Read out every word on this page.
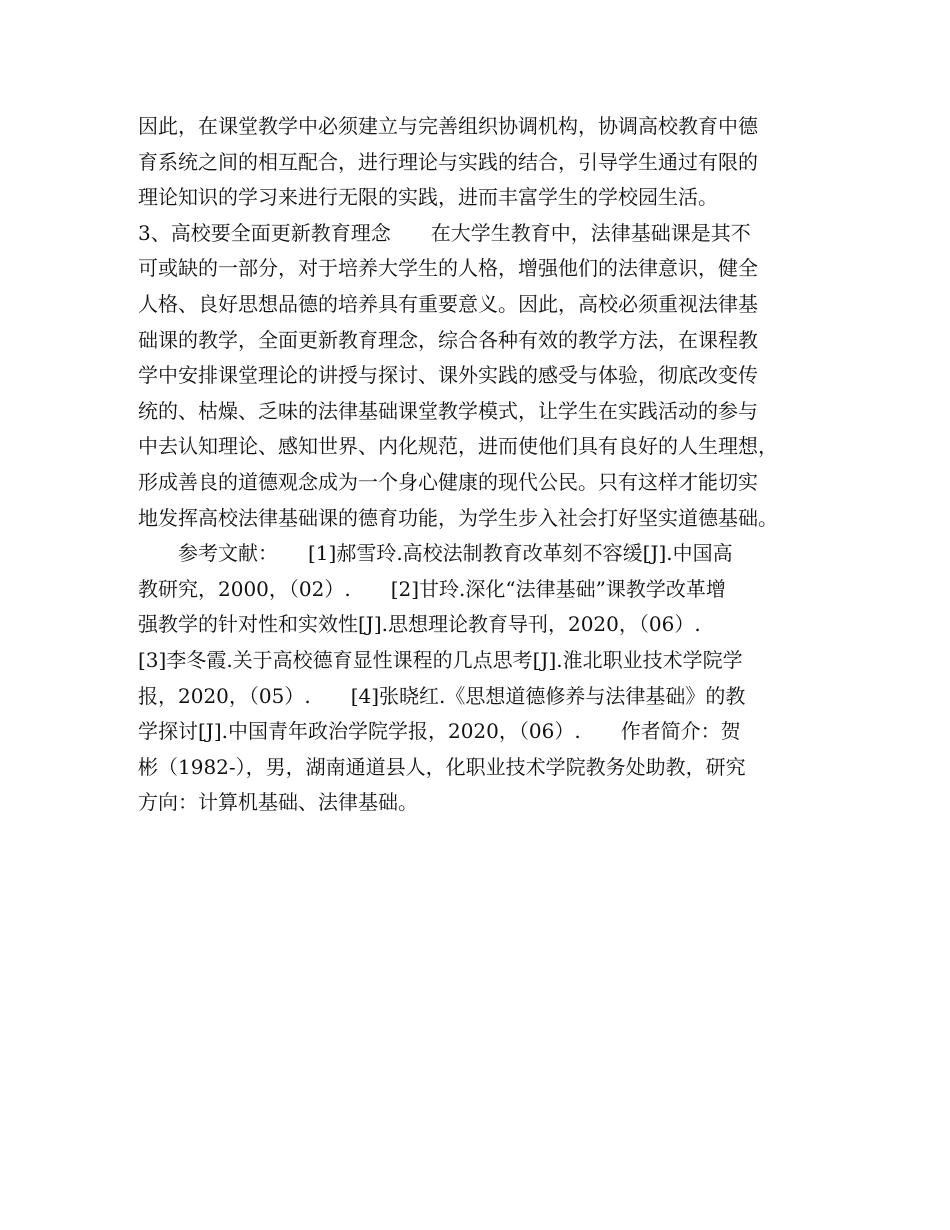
因此，在课堂教学中必须建立与完善组织协调机构，协调高校教育中德
育系统之间的相互配合，进行理论与实践的结合，引导学生通过有限的
理论知识的学习来进行无限的实践，进而丰富学生的学校园生活。
3、高校要全面更新教育理念　　在大学生教育中，法律基础课是其不
可或缺的一部分，对于培养大学生的人格，增强他们的法律意识，健全
人格、良好思想品德的培养具有重要意义。因此，高校必须重视法律基
础课的教学，全面更新教育理念，综合各种有效的教学方法，在课程教
学中安排课堂理论的讲授与探讨、课外实践的感受与体验，彻底改变传
统的、枯燥、乏味的法律基础课堂教学模式，让学生在实践活动的参与
中去认知理论、感知世界、内化规范，进而使他们具有良好的人生理想，
形成善良的道德观念成为一个身心健康的现代公民。只有这样才能切实
地发挥高校法律基础课的德育功能，为学生步入社会打好坚实道德基础。
　　参考文献：　　[1]郝雪玲.高校法制教育改革刻不容缓[J].中国高
教研究，2000，（02）.　　[2]甘玲.深化“法律基础”课教学改革增
强教学的针对性和实效性[J].思想理论教育导刊，2020，（06）.
[3]李冬霞.关于高校德育显性课程的几点思考[J].淮北职业技术学院学
报，2020，（05）.　　[4]张晓红.《思想道德修养与法律基础》的教
学探讨[J].中国青年政治学院学报，2020，（06）.　　作者简介：贺
彬（1982-），男，湖南通道县人，化职业技术学院教务处助教，研究
方向：计算机基础、法律基础。
